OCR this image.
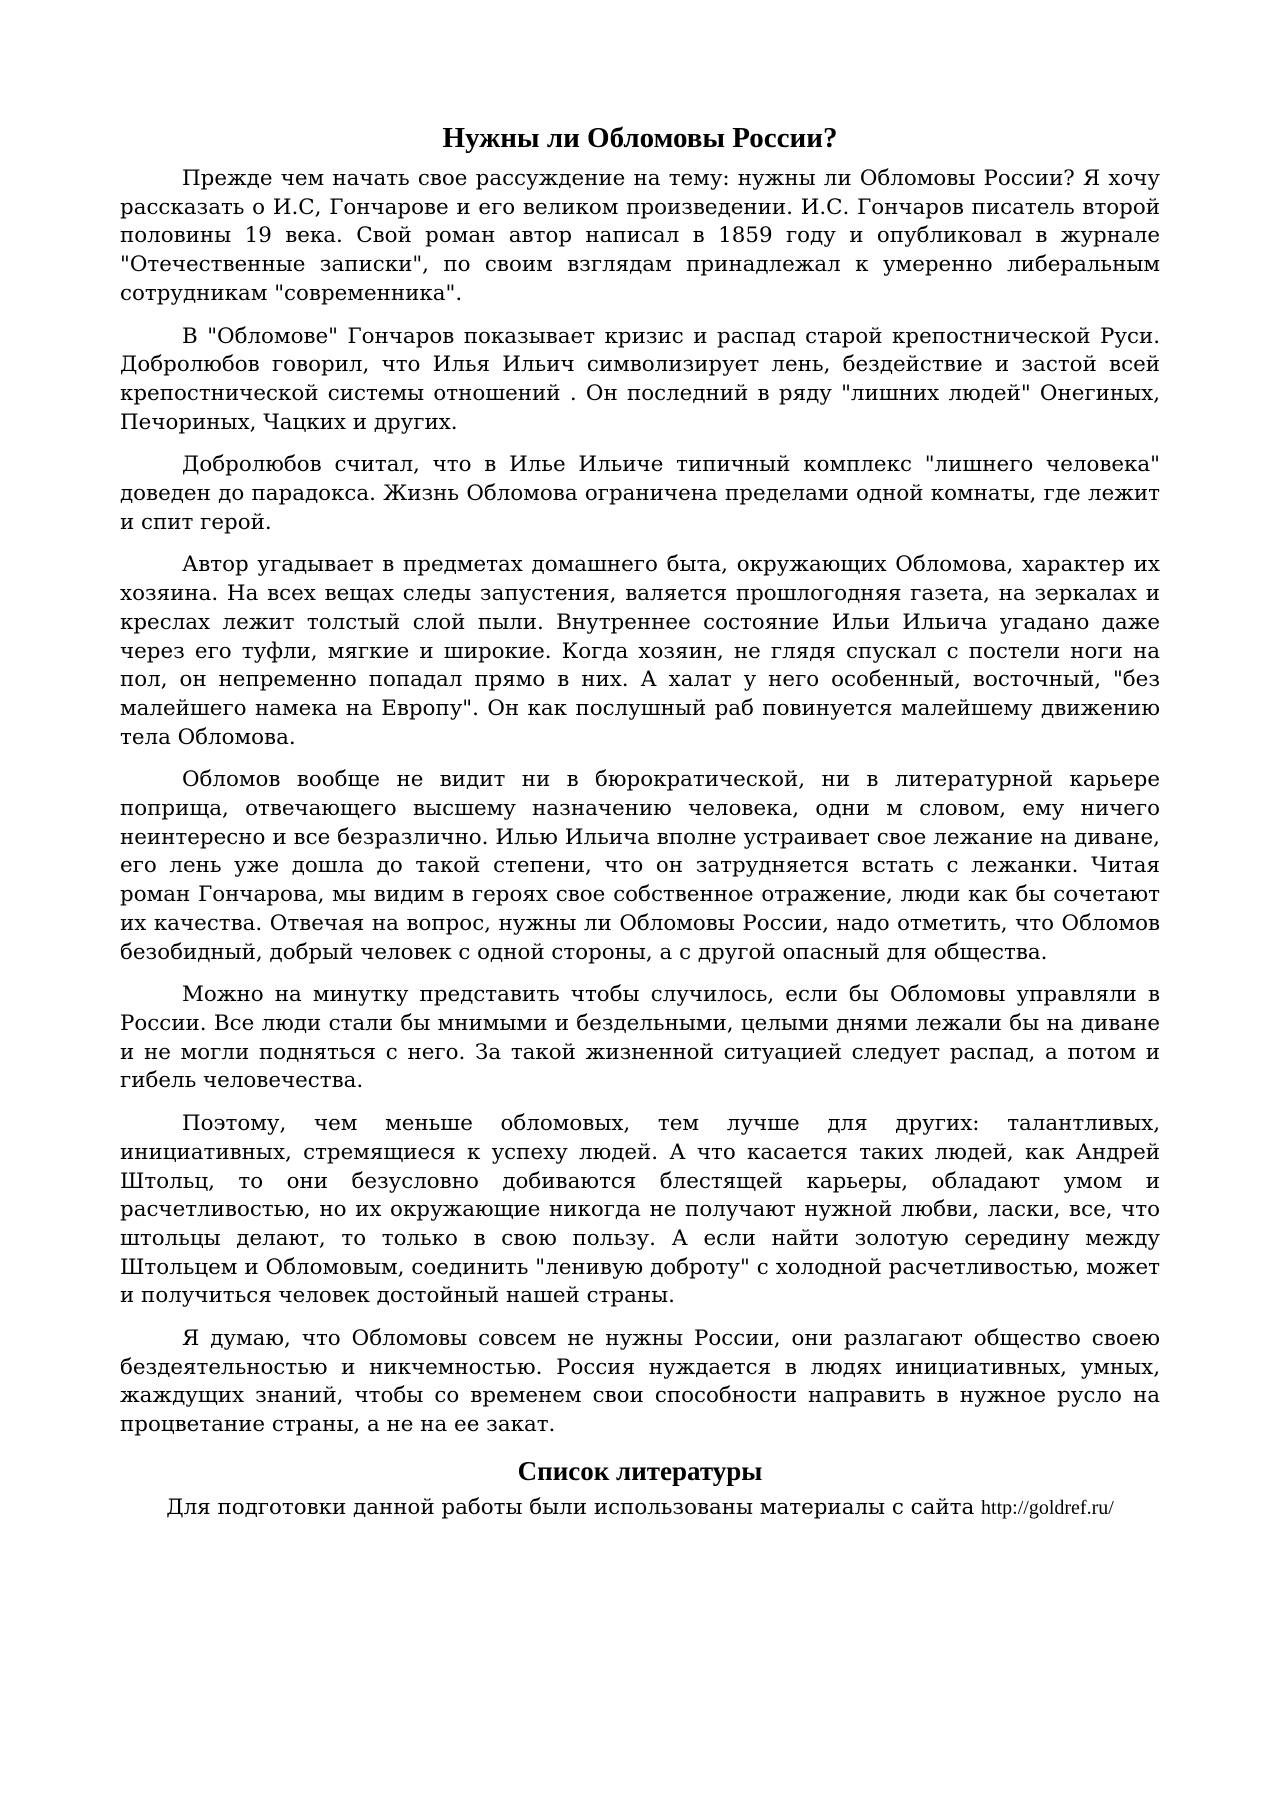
Нужны ли Обломовы России?

Прежде чем начать свое рассуждение на тему: нужны ли Обломовы России? Я хочу рассказать о И.С, Гончарове и его великом произведении. И.С. Гончаров писатель второй половины 19 века. Свой роман автор написал в 1859 году и опубликовал в журнале "Отечественные записки", по своим взглядам принадлежал к умеренно либеральным сотрудникам "современника".

В "Обломове" Гончаров показывает кризис и распад старой крепостнической Руси. Добролюбов говорил, что Илья Ильич символизирует лень, бездействие и застой всей крепостнической системы отношений . Он последний в ряду "лишних людей" Онегиных, Печориных, Чацких и других.

Добролюбов считал, что в Илье Ильиче типичный комплекс "лишнего человека" доведен до парадокса. Жизнь Обломова ограничена пределами одной комнаты, где лежит и спит герой.

Автор угадывает в предметах домашнего быта, окружающих Обломова, характер их хозяина. На всех вещах следы запустения, валяется прошлогодняя газета, на зеркалах и креслах лежит толстый слой пыли. Внутреннее состояние Ильи Ильича угадано даже через его туфли, мягкие и широкие. Когда хозяин, не глядя спускал с постели ноги на пол, он непременно попадал прямо в них. А халат у него особенный, восточный, "без малейшего намека на Европу". Он как послушный раб повинуется малейшему движению тела Обломова.

Обломов вообще не видит ни в бюрократической, ни в литературной карьере поприща, отвечающего высшему назначению человека, одни м словом, ему ничего неинтересно и все безразлично. Илью Ильича вполне устраивает свое лежание на диване, его лень уже дошла до такой степени, что он затрудняется встать с лежанки. Читая роман Гончарова, мы видим в героях свое собственное отражение, люди как бы сочетают их качества. Отвечая на вопрос, нужны ли Обломовы России, надо отметить, что Обломов безобидный, добрый человек с одной стороны, а с другой опасный для общества.

Можно на минутку представить чтобы случилось, если бы Обломовы управляли в России. Все люди стали бы мнимыми и бездельными, целыми днями лежали бы на диване и не могли подняться с него. За такой жизненной ситуацией следует распад, а потом и гибель человечества.

Поэтому, чем меньше обломовых, тем лучше для других: талантливых, инициативных, стремящиеся к успеху людей. А что касается таких людей, как Андрей Штольц, то они безусловно добиваются блестящей карьеры, обладают умом и расчетливостью, но их окружающие никогда не получают нужной любви, ласки, все, что штольцы делают, то только в свою пользу. А если найти золотую середину между Штольцем и Обломовым, соединить "ленивую доброту" с холодной расчетливостью, может и получиться человек достойный нашей страны.

Я думаю, что Обломовы совсем не нужны России, они разлагают общество своею бездеятельностью и никчемностью. Россия нуждается в людях инициативных, умных, жаждущих знаний, чтобы со временем свои способности направить в нужное русло на процветание страны, а не на ее закат.

Список литературы

Для подготовки данной работы были использованы материалы с сайта http://goldref.ru/
